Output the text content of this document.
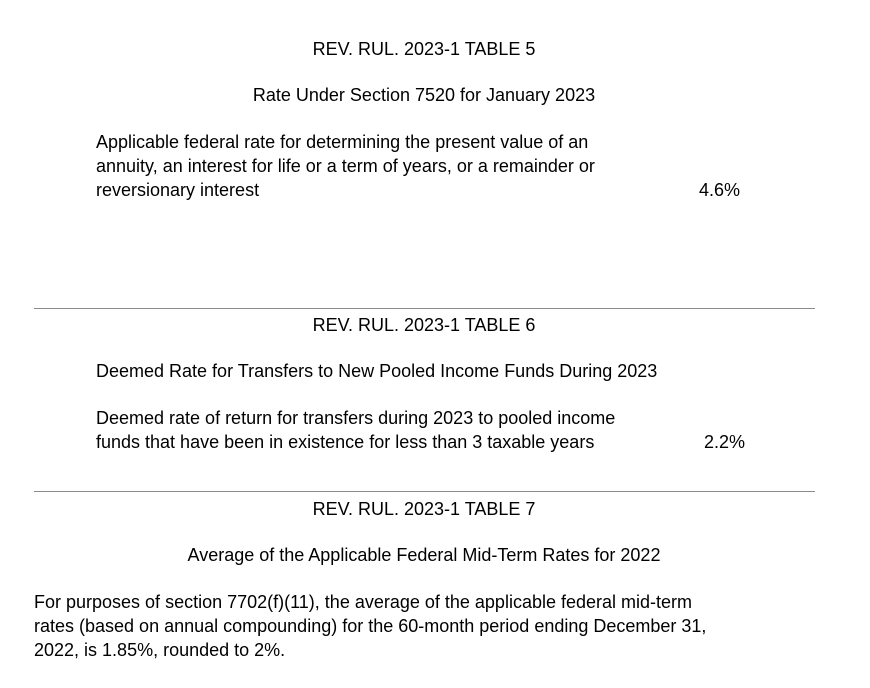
REV. RUL. 2023-1 TABLE 5
Rate Under Section 7520 for January 2023

Applicable federal rate for determining the present value of an
annuity, an interest for life or a term of years, or a remainder or
reversionary interest	4.6%
REV. RUL. 2023-1 TABLE 6
Deemed Rate for Transfers to New Pooled Income Funds During 2023

Deemed rate of return for transfers during 2023 to pooled income
funds that have been in existence for less than 3 taxable years	2.2%
REV. RUL. 2023-1 TABLE 7
Average of the Applicable Federal Mid-Term Rates for 2022

For purposes of section 7702(f)(11), the average of the applicable federal mid-term
rates (based on annual compounding) for the 60-month period ending December 31,
2022, is 1.85%, rounded to 2%.
